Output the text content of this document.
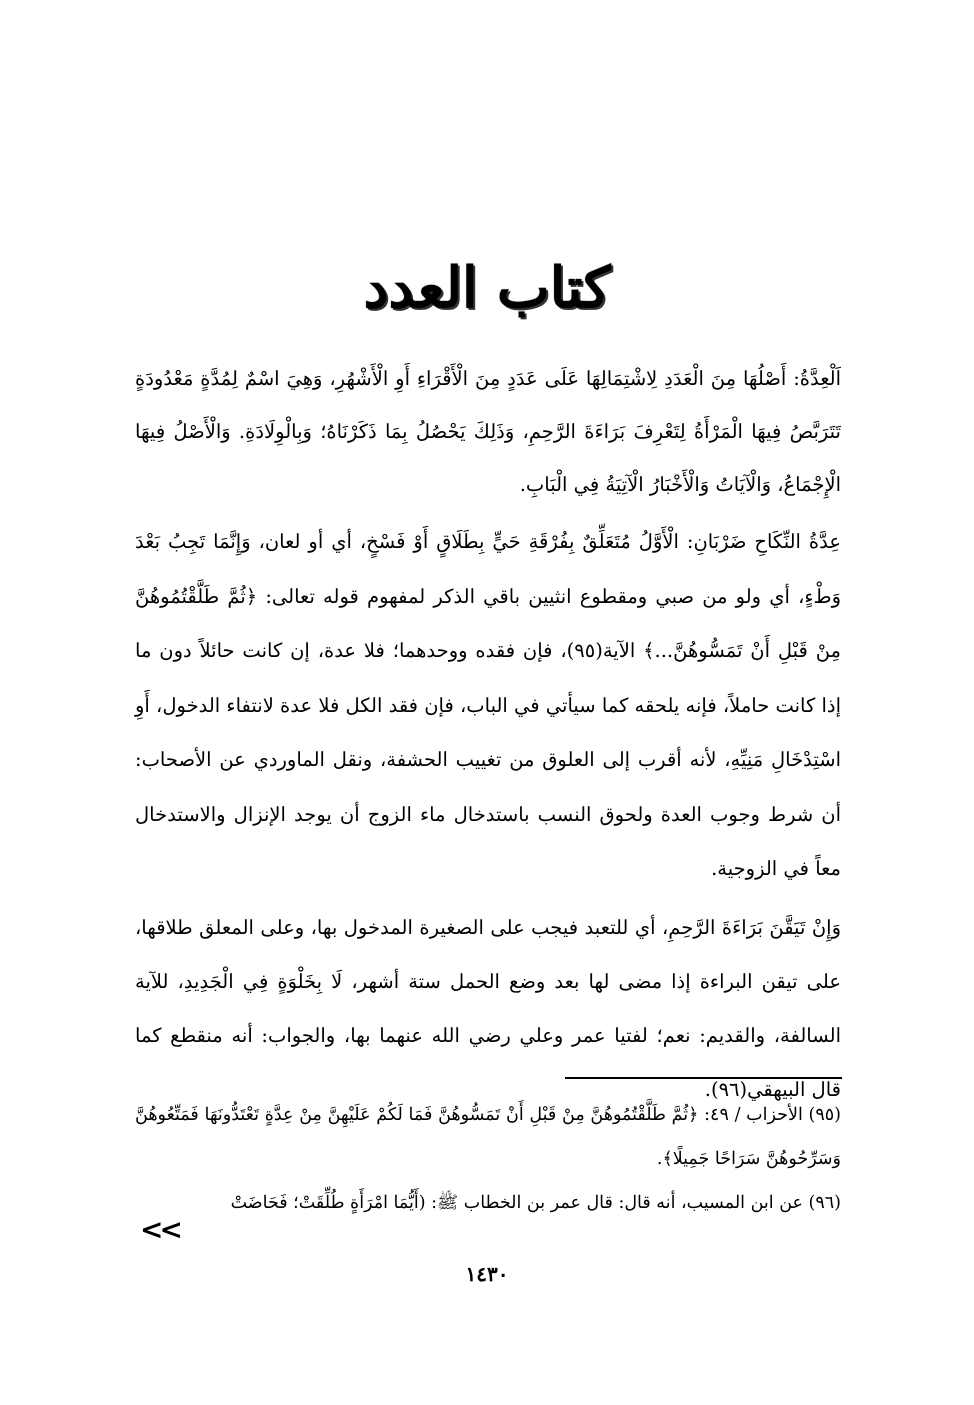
كتاب العدد

اَلْعِدَّةُ: أَصْلُهَا مِنَ الْعَدَدِ لِاشْتِمَالِهَا عَلَى عَدَدٍ مِنَ الْأَقْرَاءِ أَوِ الْأَشْهُرِ، وَهِيَ اسْمٌ لِمُدَّةٍ مَعْدُودَةٍ تَتَرَبَّصُ فِيهَا الْمَرْأَةُ لِتَعْرِفَ بَرَاءَةَ الرَّحِمِ، وَذَلِكَ يَحْصُلُ بِمَا ذَكَرْنَاهُ؛ وَبِالْوِلَادَةِ. وَالْأَصْلُ فِيهَا الْإِجْمَاعُ، وَالْآيَاتُ وَالْأَخْبَارُ الْآتِيَةُ فِي الْبَابِ.

عِدَّةُ النِّكَاحِ ضَرْبَانِ: الْأَوَّلُ مُتَعَلِّقٌ بِفُرْقَةِ حَيٍّ بِطَلَاقٍ أَوْ فَسْخٍ، أي أو لعان، وَإِنَّمَا تَجِبُ بَعْدَ وَطْءٍ، أي ولو من صبي ومقطوع انثيين باقي الذكر لمفهوم قوله تعالى: ﴿ثُمَّ طَلَّقْتُمُوهُنَّ مِنْ قَبْلِ أَنْ تَمَسُّوهُنَّ...﴾ الآية(٩٥)، فإن فقده ووحدهما؛ فلا عدة، إن كانت حائلاً دون ما إذا كانت حاملاً، فإنه يلحقه كما سيأتي في الباب، فإن فقد الكل فلا عدة لانتفاء الدخول، أَوِ اسْتِدْخَالِ مَنِيِّهِ، لأنه أقرب إلى العلوق من تغييب الحشفة، ونقل الماوردي عن الأصحاب: أن شرط وجوب العدة ولحوق النسب باستدخال ماء الزوج أن يوجد الإنزال والاستدخال معاً في الزوجية.

وَإِنْ تَيَقَّنَ بَرَاءَةَ الرَّحِمِ، أي للتعبد فيجب على الصغيرة المدخول بها، وعلى المعلق طلاقها، على تيقن البراءة إذا مضى لها بعد وضع الحمل ستة أشهر، لَا بِخَلْوَةٍ فِي الْجَدِيدِ، للآية السالفة، والقديم: نعم؛ لفتيا عمر وعلي رضي الله عنهما بها، والجواب: أنه منقطع كما قال البيهقي(٩٦).

(٩٥) الأحزاب / ٤٩: ﴿ثُمَّ طَلَّقْتُمُوهُنَّ مِنْ قَبْلِ أَنْ تَمَسُّوهُنَّ فَمَا لَكُمْ عَلَيْهِنَّ مِنْ عِدَّةٍ تَعْتَدُّونَهَا فَمَتِّعُوهُنَّ وَسَرِّحُوهُنَّ سَرَاحًا جَمِيلًا﴾.

(٩٦) عن ابن المسيب، أنه قال: قال عمر بن الخطاب ﷺ: (أَيُّمَا امْرَأَةٍ طُلِّقَتْ؛ فَحَاضَتْ

<<
١٤٣٠
